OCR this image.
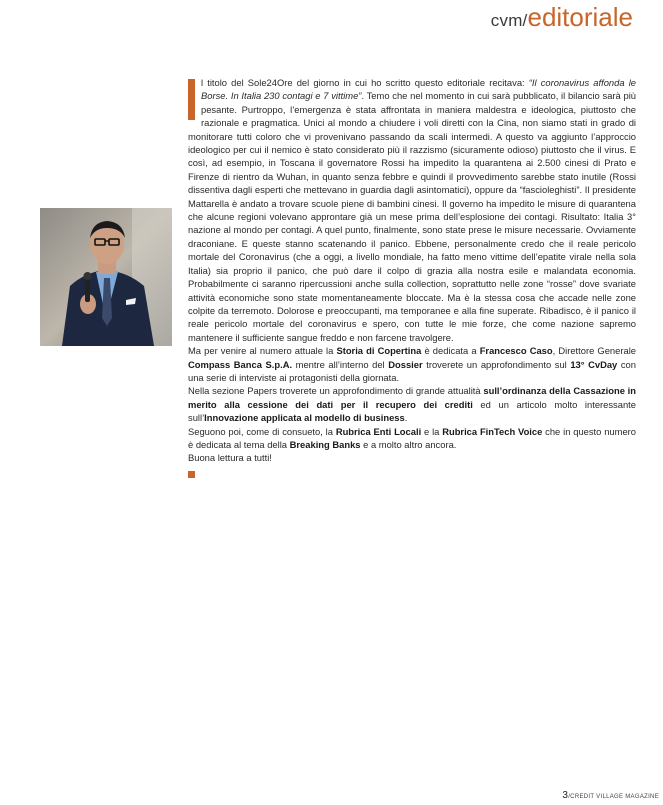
cvm/editoriale

l titolo del Sole24Ore del giorno in cui ho scritto questo editoriale recitava: “Il coronavirus affonda le Borse. In Italia 230 contagi e 7 vittime”. Temo che nel momento in cui sarà pubblicato, il bilancio sarà più pesante. Purtroppo, l’emergenza è stata affrontata in maniera maldestra e ideologica, piuttosto che razionale e pragmatica. Unici al mondo a chiudere i voli diretti con la Cina, non siamo stati in grado di monitorare tutti coloro che vi provenivano passando da scali intermedi. A questo va aggiunto l’approccio ideologico per cui il nemico è stato considerato più il razzismo (sicuramente odioso) piuttosto che il virus. E così, ad esempio, in Toscana il governatore Rossi ha impedito la quarantena ai 2.500 cinesi di Prato e Firenze di rientro da Wuhan, in quanto senza febbre e quindi il provvedimento sarebbe stato inutile (Rossi dissentiva dagli esperti che mettevano in guardia dagli asintomatici), oppure da “fascioleghisti”. Il presidente Mattarella è andato a trovare scuole piene di bambini cinesi. Il governo ha impedito le misure di quarantena che alcune regioni volevano approntare già un mese prima dell’esplosione dei contagi. Risultato: Italia 3° nazione al mondo per contagi. A quel punto, finalmente, sono state prese le misure necessarie. Ovviamente draconiane. E queste stanno scatenando il panico. Ebbene, personalmente credo che il reale pericolo mortale del Coronavirus (che a oggi, a livello mondiale, ha fatto meno vittime dell’epatite virale nella sola Italia) sia proprio il panico, che può dare il colpo di grazia alla nostra esile e malandata economia. Probabilmente ci saranno ripercussioni anche sulla collection, soprattutto nelle zone “rosse” dove svariate attività economiche sono state momentaneamente bloccate. Ma è la stessa cosa che accade nelle zone colpite da terremoto. Dolorose e preoccupanti, ma temporanee e alla fine superate. Ribadisco, è il panico il reale pericolo mortale del coronavirus e spero, con tutte le mie forze, che come nazione sapremo mantenere il sufficiente sangue freddo e non farcene travolgere.

Ma per venire al numero attuale la Storia di Copertina è dedicata a Francesco Caso, Direttore Generale Compass Banca S.p.A. mentre all’interno del Dossier troverete un approfondimento sul 13° CvDay con una serie di interviste ai protagonisti della giornata.

Nella sezione Papers troverete un approfondimento di grande attualità sull’ordinanza della Cassazione in merito alla cessione dei dati per il recupero dei crediti ed un articolo molto interessante sull’Innovazione applicata al modello di business.

Seguono poi, come di consueto, la Rubrica Enti Locali e la Rubrica FinTech Voice che in questo numero è dedicata al tema della Breaking Banks e a molto altro ancora.

Buona lettura a tutti!

3/CREDIT VILLAGE MAGAZINE
